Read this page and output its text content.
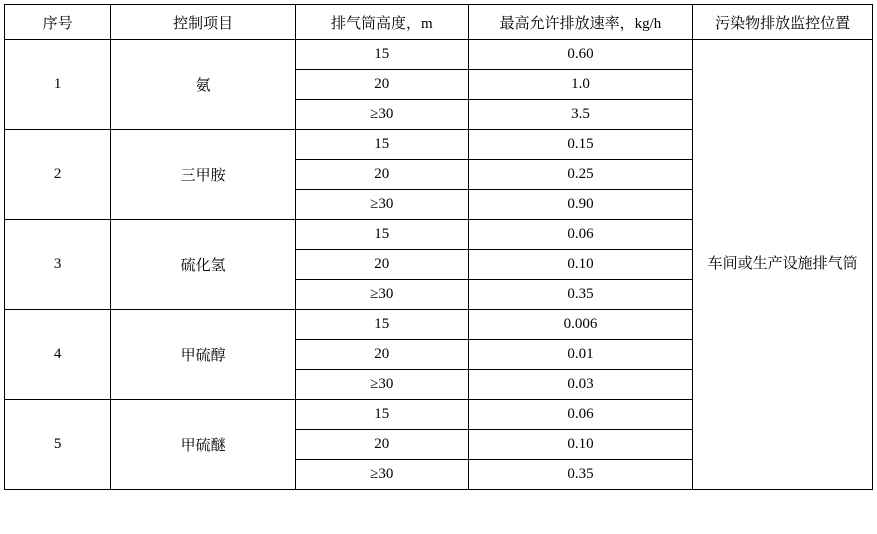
序号	控制项目	排气筒高度，m	最高允许排放速率，kg/h	污染物排放监控位置
1	氨	15	0.60	车间或生产设施排气筒
		20	1.0	
		≥30	3.5	
2	三甲胺	15	0.15	
		20	0.25	
		≥30	0.90	
3	硫化氢	15	0.06	
		20	0.10	
		≥30	0.35	
4	甲硫醇	15	0.006	
		20	0.01	
		≥30	0.03	
5	甲硫醚	15	0.06	
		20	0.10	
		≥30	0.35	
